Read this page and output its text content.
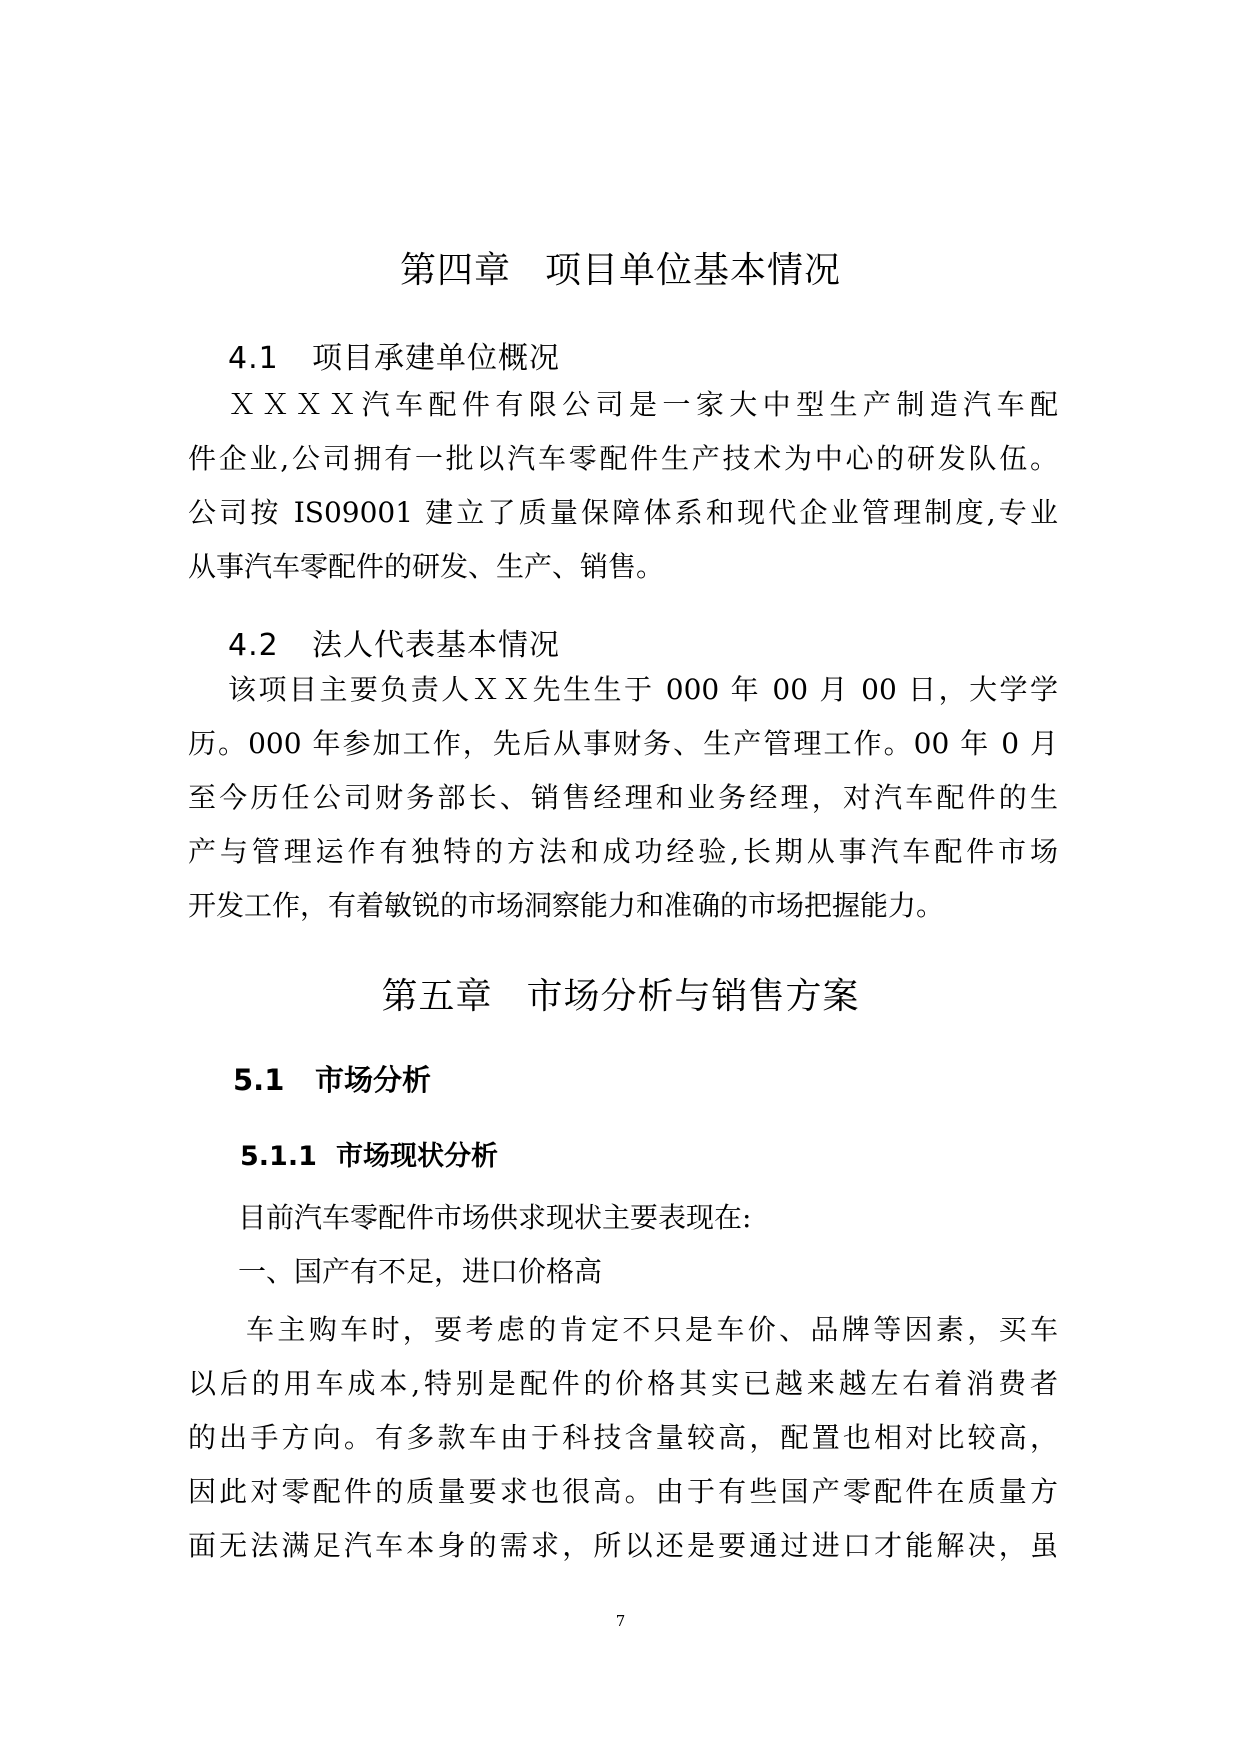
第四章 项目单位基本情况
4.1 项目承建单位概况
ＸＸＸＸ汽车配件有限公司是一家大中型生产制造汽车配
件企业,公司拥有一批以汽车零配件生产技术为中心的研发队伍。
公司按 IS09001 建立了质量保障体系和现代企业管理制度,专业
从事汽车零配件的研发、生产、销售。
4.2 法人代表基本情况
该项目主要负责人ＸＸ先生生于 000 年 00 月 00 日，大学学
历。000 年参加工作，先后从事财务、生产管理工作。00 年 0 月
至今历任公司财务部长、销售经理和业务经理，对汽车配件的生
产与管理运作有独特的方法和成功经验,长期从事汽车配件市场
开发工作，有着敏锐的市场洞察能力和准确的市场把握能力。
第五章 市场分析与销售方案
5.1 市场分析
5.1.1 市场现状分析
目前汽车零配件市场供求现状主要表现在:
一、国产有不足，进口价格高
车主购车时，要考虑的肯定不只是车价、品牌等因素，买车
以后的用车成本,特别是配件的价格其实已越来越左右着消费者
的出手方向。有多款车由于科技含量较高，配置也相对比较高，
因此对零配件的质量要求也很高。由于有些国产零配件在质量方
面无法满足汽车本身的需求，所以还是要通过进口才能解决，虽
7
